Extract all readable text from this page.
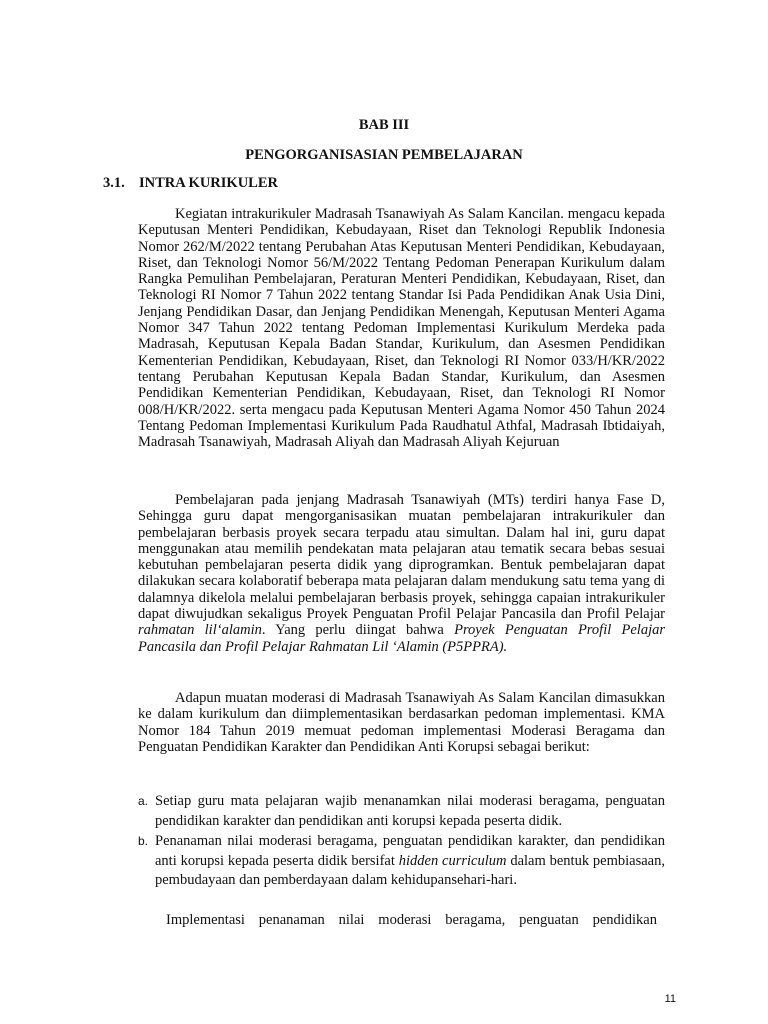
BAB III

PENGORGANISASIAN PEMBELAJARAN

3.1. INTRA KURIKULER

Kegiatan intrakurikuler Madrasah Tsanawiyah As Salam Kancilan. mengacu kepada Keputusan Menteri Pendidikan, Kebudayaan, Riset dan Teknologi Republik Indonesia Nomor 262/M/2022 tentang Perubahan Atas Keputusan Menteri Pendidikan, Kebudayaan, Riset, dan Teknologi Nomor 56/M/2022 Tentang Pedoman Penerapan Kurikulum dalam Rangka Pemulihan Pembelajaran, Peraturan Menteri Pendidikan, Kebudayaan, Riset, dan Teknologi RI Nomor 7 Tahun 2022 tentang Standar Isi Pada Pendidikan Anak Usia Dini, Jenjang Pendidikan Dasar, dan Jenjang Pendidikan Menengah, Keputusan Menteri Agama Nomor 347 Tahun 2022 tentang Pedoman Implementasi Kurikulum Merdeka pada Madrasah, Keputusan Kepala Badan Standar, Kurikulum, dan Asesmen Pendidikan Kementerian Pendidikan, Kebudayaan, Riset, dan Teknologi RI Nomor 033/H/KR/2022 tentang Perubahan Keputusan Kepala Badan Standar, Kurikulum, dan Asesmen Pendidikan Kementerian Pendidikan, Kebudayaan, Riset, dan Teknologi RI Nomor 008/H/KR/2022. serta mengacu pada Keputusan Menteri Agama Nomor 450 Tahun 2024 Tentang Pedoman Implementasi Kurikulum Pada Raudhatul Athfal, Madrasah Ibtidaiyah, Madrasah Tsanawiyah, Madrasah Aliyah dan Madrasah Aliyah Kejuruan

Pembelajaran pada jenjang Madrasah Tsanawiyah (MTs) terdiri hanya Fase D, Sehingga guru dapat mengorganisasikan muatan pembelajaran intrakurikuler dan pembelajaran berbasis proyek secara terpadu atau simultan. Dalam hal ini, guru dapat menggunakan atau memilih pendekatan mata pelajaran atau tematik secara bebas sesuai kebutuhan pembelajaran peserta didik yang diprogramkan. Bentuk pembelajaran dapat dilakukan secara kolaboratif beberapa mata pelajaran dalam mendukung satu tema yang di dalamnya dikelola melalui pembelajaran berbasis proyek, sehingga capaian intrakurikuler dapat diwujudkan sekaligus Proyek Penguatan Profil Pelajar Pancasila dan Profil Pelajar rahmatan lil‘alamin. Yang perlu diingat bahwa Proyek Penguatan Profil Pelajar Pancasila dan Profil Pelajar Rahmatan Lil ‘Alamin (P5PPRA).

Adapun muatan moderasi di Madrasah Tsanawiyah As Salam Kancilan dimasukkan ke dalam kurikulum dan diimplementasikan berdasarkan pedoman implementasi. KMA Nomor 184 Tahun 2019 memuat pedoman implementasi Moderasi Beragama dan Penguatan Pendidikan Karakter dan Pendidikan Anti Korupsi sebagai berikut:

a. Setiap guru mata pelajaran wajib menanamkan nilai moderasi beragama, penguatan pendidikan karakter dan pendidikan anti korupsi kepada peserta didik.
b. Penanaman nilai moderasi beragama, penguatan pendidikan karakter, dan pendidikan anti korupsi kepada peserta didik bersifat hidden curriculum dalam bentuk pembiasaan, pembudayaan dan pemberdayaan dalam kehidupansehari-hari.

Implementasi penanaman nilai moderasi beragama, penguatan pendidikan

11
